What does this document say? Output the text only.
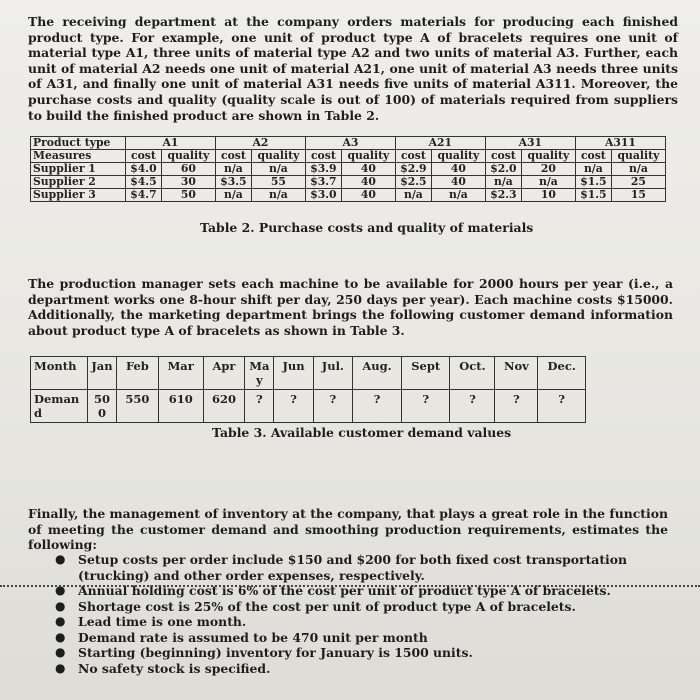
The receiving department at the company orders materials for producing each finished product type. For example, one unit of product type A of bracelets requires one unit of material type A1, three units of material type A2 and two units of material A3. Further, each unit of material A2 needs one unit of material A21, one unit of material A3 needs three units of A31, and finally one unit of material A31 needs five units of material A311. Moreover, the purchase costs and quality (quality scale is out of 100) of materials required from suppliers to build the finished product are shown in Table 2.

Product type	A1		A2		A3		A21		A31		A311	
Measures	cost	quality	cost	quality	cost	quality	cost	quality	cost	quality	cost	quality
Supplier 1	$4.0	60	n/a	n/a	$3.9	40	$2.9	40	$2.0	20	n/a	n/a
Supplier 2	$4.5	30	$3.5	55	$3.7	40	$2.5	40	n/a	n/a	$1.5	25
Supplier 3	$4.7	50	n/a	n/a	$3.0	40	n/a	n/a	$2.3	10	$1.5	15
Table 2. Purchase costs and quality of materials

The production manager sets each machine to be available for 2000 hours per year (i.e., a department works one 8-hour shift per day, 250 days per year). Each machine costs $15000. Additionally, the marketing department brings the following customer demand information about product type A of bracelets as shown in Table 3.

Month	Jan	Feb	Mar	Apr	Ma y	Jun	Jul.	Aug.	Sept	Oct.	Nov	Dec.
Deman d	50 0	550	610	620	?	?	?	?	?	?	?	?
Table 3. Available customer demand values

Finally, the management of inventory at the company, that plays a great role in the function of meeting the customer demand and smoothing production requirements, estimates the following:

● Setup costs per order include $150 and $200 for both fixed cost transportation (trucking) and other order expenses, respectively.
● Annual holding cost is 6% of the cost per unit of product type A of bracelets.
● Shortage cost is 25% of the cost per unit of product type A of bracelets.
● Lead time is one month.
● Demand rate is assumed to be 470 unit per month
● Starting (beginning) inventory for January is 1500 units.
● No safety stock is specified.
